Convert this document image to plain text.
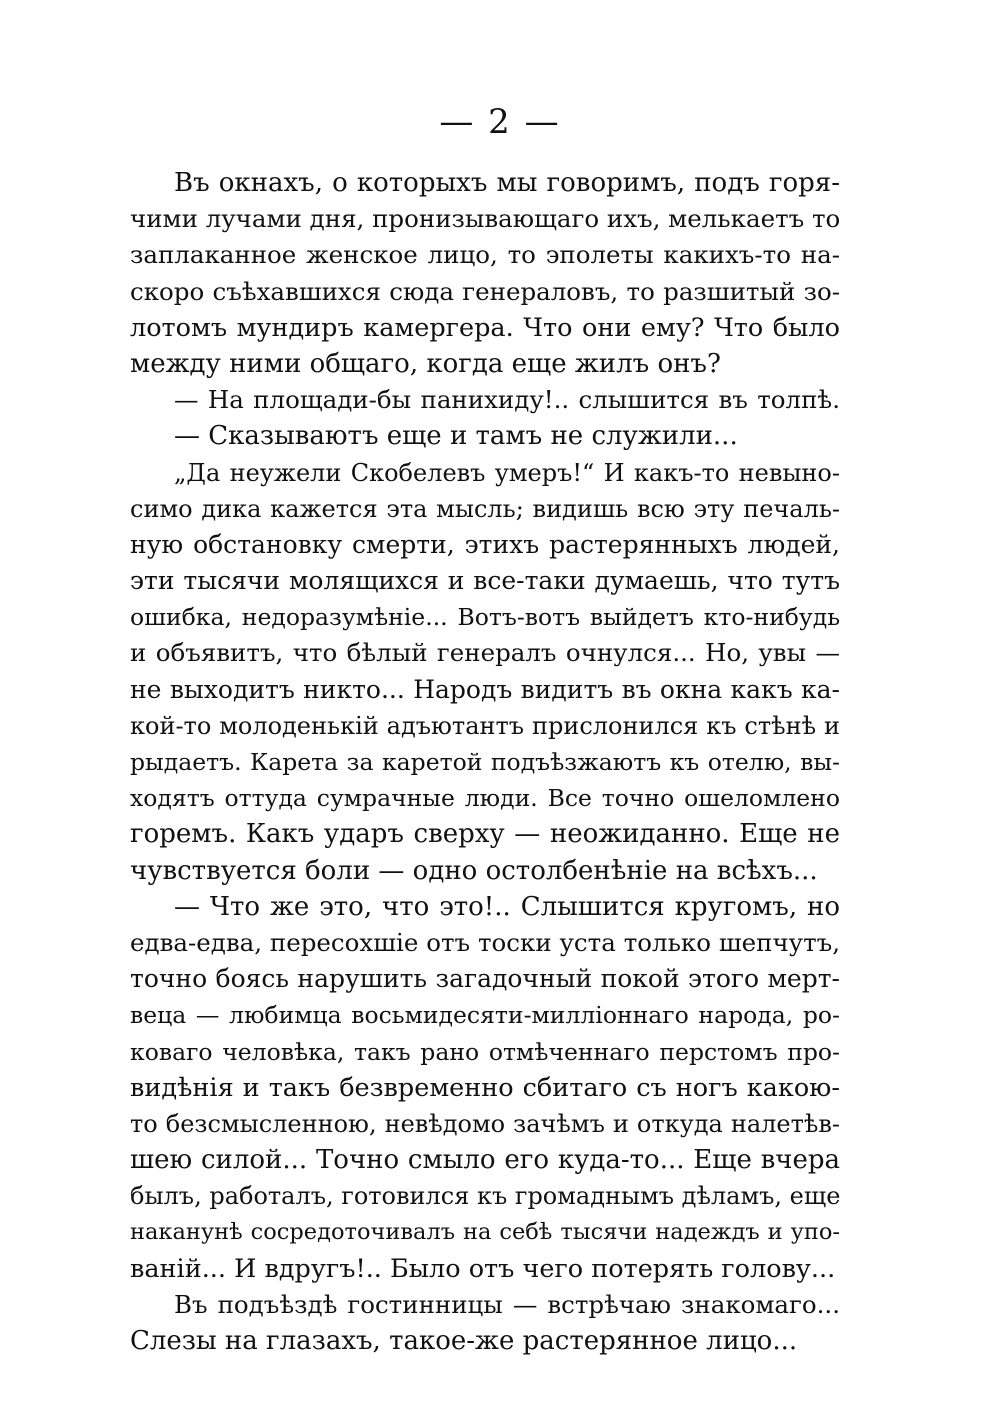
— 2 —
Въ окнахъ, о которыхъ мы говоримъ, подъ горя-
чими лучами дня, пронизывающаго ихъ, мелькаетъ то
заплаканное женское лицо, то эполеты какихъ-то на-
скоро съѣхавшихся сюда генераловъ, то разшитый зо-
лотомъ мундиръ камергера. Что они ему? Что было
между ними общаго, когда еще жилъ онъ?
— На площади-бы панихиду!.. слышится въ толпѣ.
— Сказываютъ еще и тамъ не служили...
„Да неужели Скобелевъ умеръ!“ И какъ-то невыно-
симо дика кажется эта мысль; видишь всю эту печаль-
ную обстановку смерти, этихъ растерянныхъ людей,
эти тысячи молящихся и все-таки думаешь, что тутъ
ошибка, недоразумѣніе... Вотъ-вотъ выйдетъ кто-нибудь
и объявитъ, что бѣлый генералъ очнулся... Но, увы —
не выходитъ никто... Народъ видитъ въ окна какъ ка-
кой-то молоденькій адъютантъ прислонился къ стѣнѣ и
рыдаетъ. Карета за каретой подъѣзжаютъ къ отелю, вы-
ходятъ оттуда сумрачные люди. Все точно ошеломлено
горемъ. Какъ ударъ сверху — неожиданно. Еще не
чувствуется боли — одно остолбенѣніе на всѣхъ...
— Что же это, что это!.. Слышится кругомъ, но
едва-едва, пересохшіе отъ тоски уста только шепчутъ,
точно боясь нарушить загадочный покой этого мерт-
веца — любимца восьмидесяти-милліоннаго народа, ро-
коваго человѣка, такъ рано отмѣченнаго перстомъ про-
видѣнія и такъ безвременно сбитаго съ ногъ какою-
то безсмысленною, невѣдомо зачѣмъ и откуда налетѣв-
шею силой... Точно смыло его куда-то... Еще вчера
былъ, работалъ, готовился къ громаднымъ дѣламъ, еще
наканунѣ сосредоточивалъ на себѣ тысячи надеждъ и упо-
ваній... И вдругъ!.. Было отъ чего потерять голову...
Въ подъѣздѣ гостинницы — встрѣчаю знакомаго...
Слезы на глазахъ, такое-же растерянное лицо...
